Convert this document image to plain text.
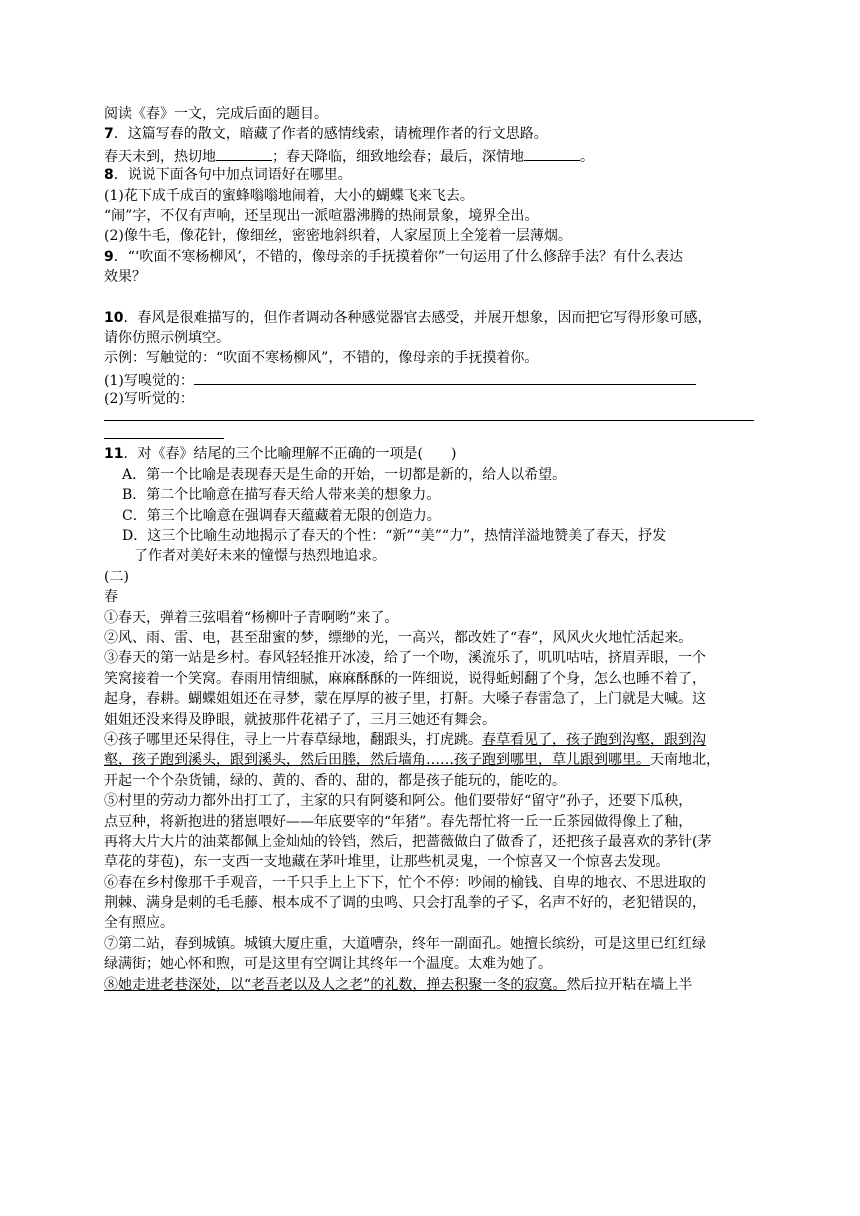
阅读《春》一文，完成后面的题目。
7．这篇写春的散文，暗藏了作者的感情线索，请梳理作者的行文思路。
春天未到，热切地	；春天降临，细致地绘春；最后，深情地	。
8．说说下面各句中加点词语好在哪里。
(1)花下成千成百的蜜蜂嗡嗡地闹着，大小的蝴蝶飞来飞去。
“闹”字，不仅有声响，还呈现出一派喧嚣沸腾的热闹景象，境界全出。
(2)像牛毛，像花针，像细丝，密密地斜织着，人家屋顶上全笼着一层薄烟。
9．“‘吹面不寒杨柳风’，不错的，像母亲的手抚摸着你”一句运用了什么修辞手法？有什么表达
效果？
10．春风是很难描写的，但作者调动各种感觉器官去感受，并展开想象，因而把它写得形象可感，
请你仿照示例填空。
示例：写触觉的：“吹面不寒杨柳风”，不错的，像母亲的手抚摸着你。
(1)写嗅觉的：
(2)写听觉的：
11．对《春》结尾的三个比喻理解不正确的一项是(　　)
A．第一个比喻是表现春天是生命的开始，一切都是新的，给人以希望。
B．第二个比喻意在描写春天给人带来美的想象力。
C．第三个比喻意在强调春天蕴藏着无限的创造力。
D．这三个比喻生动地揭示了春天的个性：“新”“美”“力”，热情洋溢地赞美了春天，抒发
了作者对美好未来的憧憬与热烈地追求。
(二)
春
①春天，弹着三弦唱着“杨柳叶子青啊哟”来了。
②风、雨、雷、电，甚至甜蜜的梦，缥缈的光，一高兴，都改姓了“春”，风风火火地忙活起来。
③春天的第一站是乡村。春风轻轻推开冰凌，给了一个吻，溪流乐了，叽叽咕咕，挤眉弄眼，一个
笑窝接着一个笑窝。春雨用情细腻，麻麻酥酥的一阵细说，说得蚯蚓翻了个身，怎么也睡不着了，
起身，春耕。蝴蝶姐姐还在寻梦，蒙在厚厚的被子里，打鼾。大嗓子春雷急了，上门就是大喊。这
姐姐还没来得及睁眼，就披那件花裙子了，三月三她还有舞会。
④孩子哪里还呆得住，寻上一片春草绿地，翻跟头，打虎跳。春草看见了，孩子跑到沟壑，跟到沟
壑，孩子跑到溪头，跟到溪头，然后田塍，然后墙角……孩子跑到哪里，草儿跟到哪里。天南地北，
开起一个个杂货铺，绿的、黄的、香的、甜的，都是孩子能玩的，能吃的。
⑤村里的劳动力都外出打工了，主家的只有阿婆和阿公。他们要带好“留守”孙子，还要下瓜秧，
点豆种，将新抱进的猪崽喂好——年底要宰的“年猪”。春先帮忙将一丘一丘茶园做得像上了釉，
再将大片大片的油菜都佩上金灿灿的铃铛，然后，把蔷薇做白了做香了，还把孩子最喜欢的茅针(茅
草花的芽苞)，东一支西一支地藏在茅叶堆里，让那些机灵鬼，一个惊喜又一个惊喜去发现。
⑥春在乡村像那千手观音，一千只手上上下下，忙个不停：吵闹的榆钱、自卑的地衣、不思进取的
荆棘、满身是刺的毛毛藤、根本成不了调的虫鸣、只会打乱拳的孑孓，名声不好的，老犯错误的，
全有照应。
⑦第二站，春到城镇。城镇大厦庄重，大道嘈杂，终年一副面孔。她擅长缤纷，可是这里已红红绿
绿满街；她心怀和煦，可是这里有空调让其终年一个温度。太难为她了。
⑧她走进老巷深处，以“老吾老以及人之老”的礼数，掸去积聚一冬的寂寞。然后拉开粘在墙上半
